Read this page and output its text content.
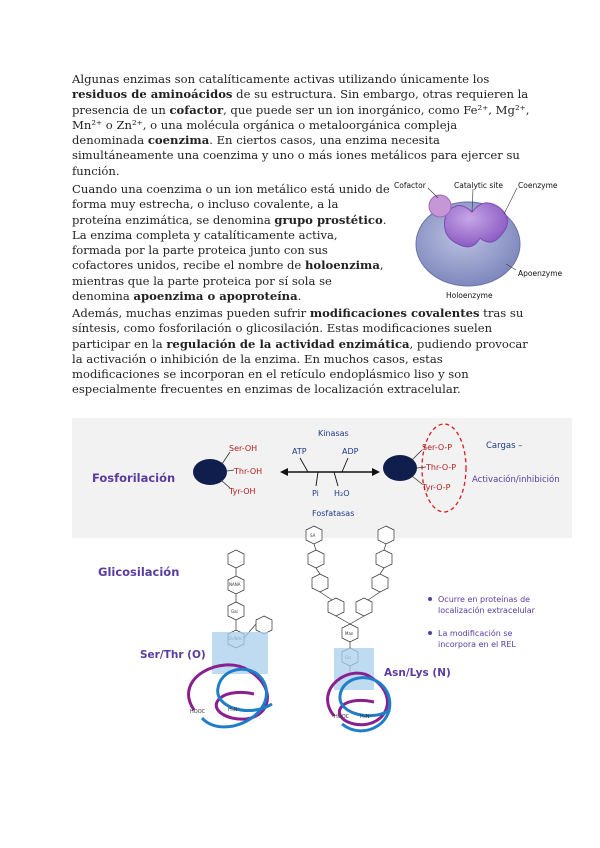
Algunas enzimas son catalíticamente activas utilizando únicamente los residuos de aminoácidos de su estructura. Sin embargo, otras requieren la presencia de un cofactor, que puede ser un ion inorgánico, como Fe²⁺, Mg²⁺, Mn²⁺ o Zn²⁺, o una molécula orgánica o metaloorgánica compleja denominada coenzima. En ciertos casos, una enzima necesita simultáneamente una coenzima y uno o más iones metálicos para ejercer su función.

Cuando una coenzima o un ion metálico está unido de forma muy estrecha, o incluso covalente, a la proteína enzimática, se denomina grupo prostético. La enzima completa y catalíticamente activa, formada por la parte proteica junto con sus cofactores unidos, recibe el nombre de holoenzima, mientras que la parte proteica por sí sola se denomina apoenzima o apoproteína.

Además, muchas enzimas pueden sufrir modificaciones covalentes tras su síntesis, como fosforilación o glicosilación. Estas modificaciones suelen participar en la regulación de la actividad enzimática, pudiendo provocar la activación o inhibición de la enzima. En muchos casos, estas modificaciones se incorporan en el retículo endoplásmico liso y son especialmente frecuentes en enzimas de localización extracelular.

Cofactor	Catalytic site Coenzyme
Apoenzyme
Holoenzyme
Fosforilación
Ser-OH
Thr-OH
Tyr-OH
Kinasas
ATP	ADP
Pi H₂O
Fosfatasas
Ser-O-P
Thr-O-P
Tyr-O-P
Cargas –
Activación/inhibición
Glicosilación
NANA
Gal
Ser/Thr (O)
HOOC	H₃N⁺
SA
Man
Asn/Lys (N)
HOOC H₃N⁺
Ocurre en proteínas de
localización extracelular
La modificación se
incorpora en el REL
